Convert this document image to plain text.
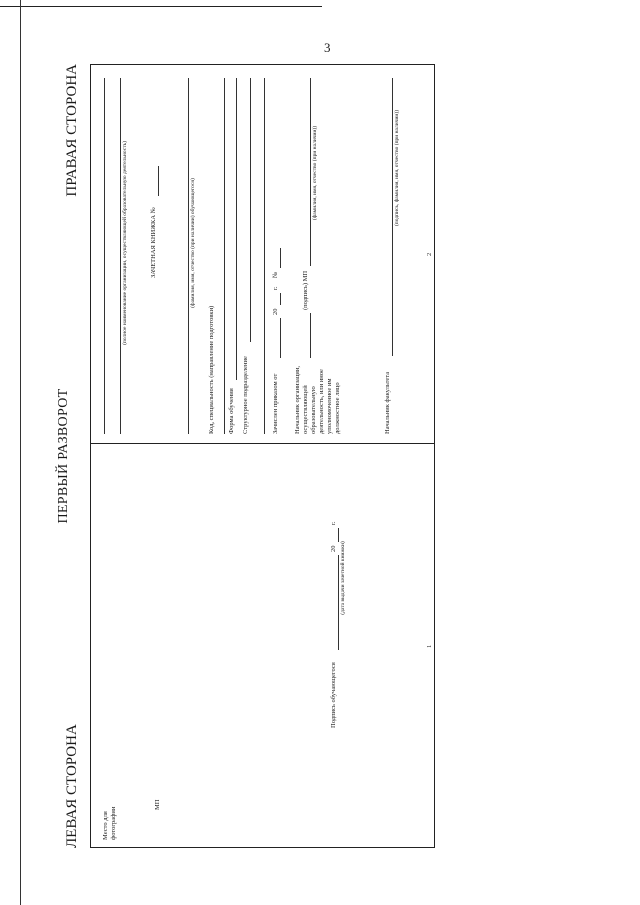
3
ПЕРВЫЙ РАЗВОРОТ
ЛЕВАЯ СТОРОНА
ПРАВАЯ СТОРОНА
Место для фотографии
МП
Подпись обучающегося
20
г.
(дата выдачи зачетной книжки)
1
(полное наименование организации, осуществляющей образовательную деятельность)	ЗАЧЕТНАЯ КНИЖКА №	(фамилия, имя, отчество (при наличии) обучающегося)
Код, специальность (направление подготовки) Форма обучения Структурное подразделение	Зачислен приказом от
20
г.
№
Начальник организации, осуществляющей образовательную деятельность, или иное уполномоченное им должностное лицо
(подпись) МП
(фамилия, имя, отчество (при наличии))
Начальник факультета
(подпись, фамилия, имя, отчество (при наличии))
2
